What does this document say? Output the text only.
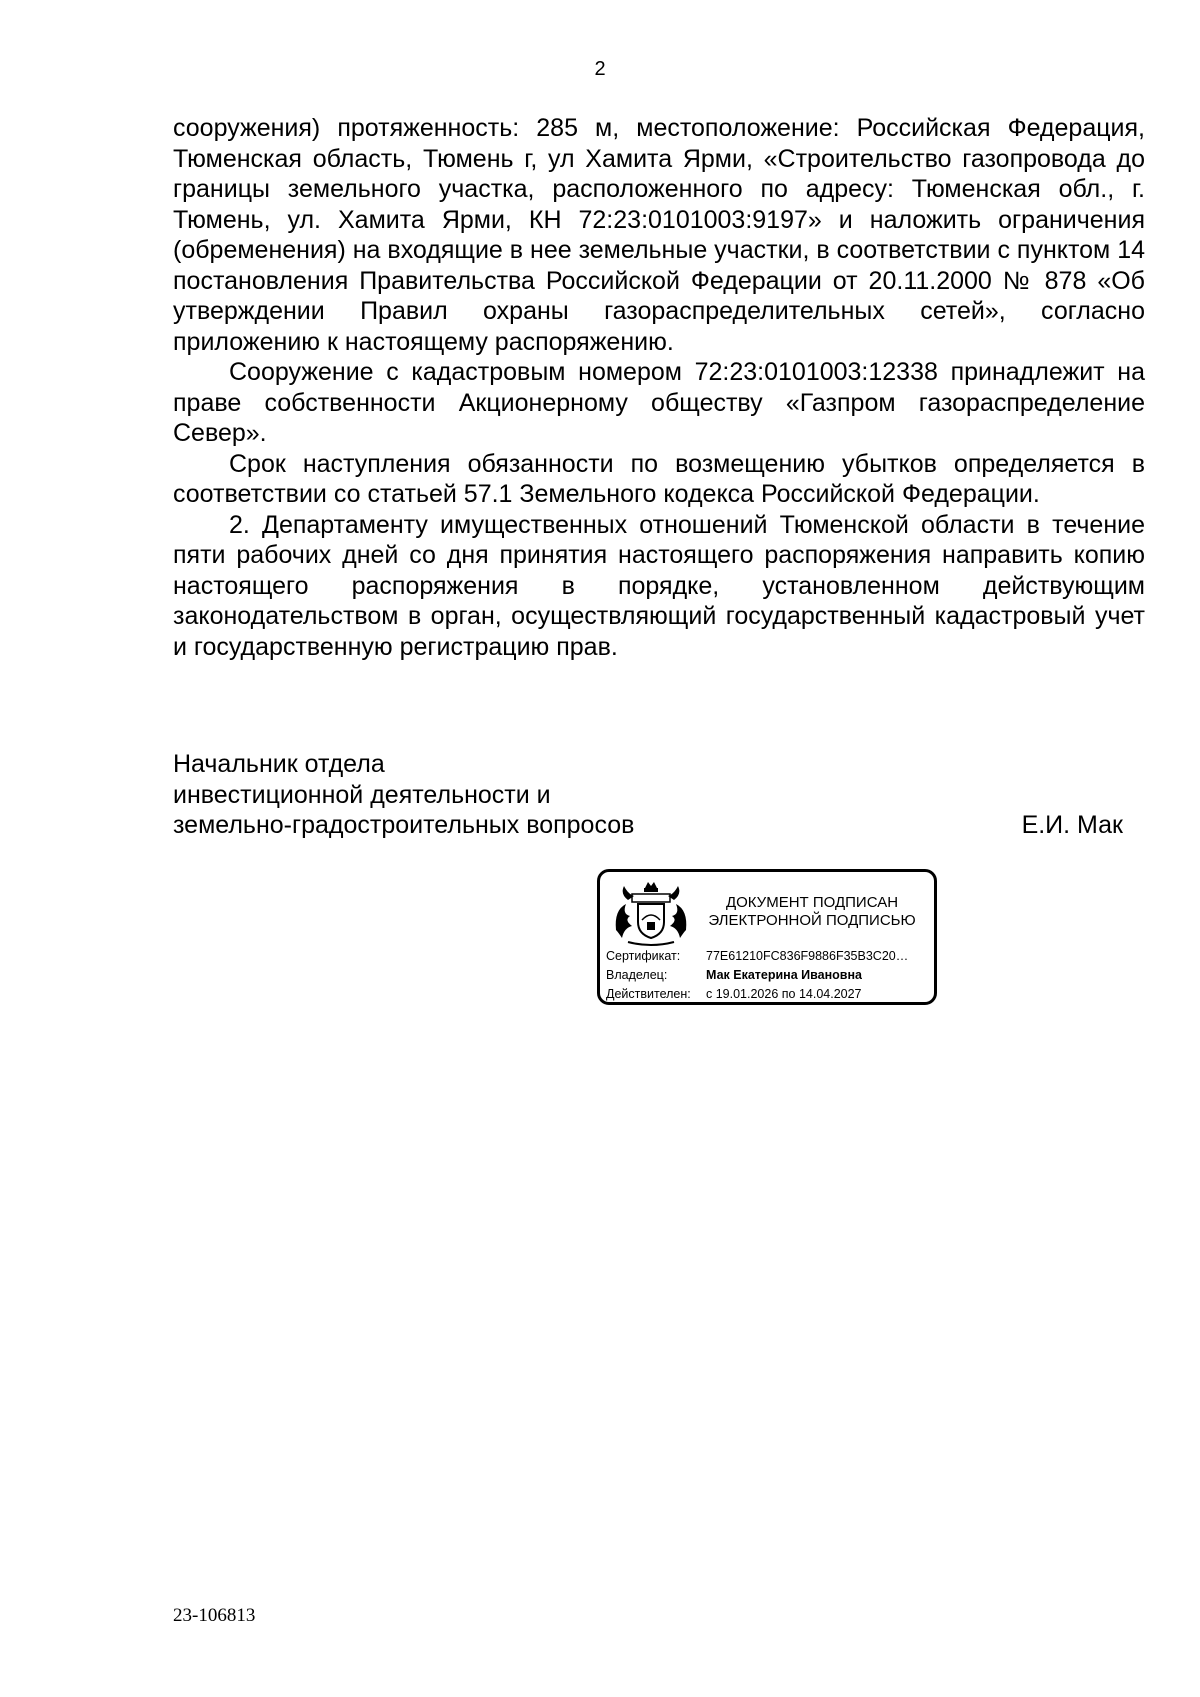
2

сооружения) протяженность: 285 м, местоположение: Российская Федерация, Тюменская область, Тюмень г, ул Хамита Ярми, «Строительство газопровода до границы земельного участка, расположенного по адресу: Тюменская обл., г. Тюмень, ул. Хамита Ярми, КН 72:23:0101003:9197» и наложить ограничения (обременения) на входящие в нее земельные участки, в соответствии с пунктом 14 постановления Правительства Российской Федерации от 20.11.2000 № 878 «Об утверждении Правил охраны газораспределительных сетей», согласно приложению к настоящему распоряжению.

Сооружение с кадастровым номером 72:23:0101003:12338 принадлежит на праве собственности Акционерному обществу «Газпром газораспределение Север».

Срок наступления обязанности по возмещению убытков определяется в соответствии со статьей 57.1 Земельного кодекса Российской Федерации.

2. Департаменту имущественных отношений Тюменской области в течение пяти рабочих дней со дня принятия настоящего распоряжения направить копию настоящего распоряжения в порядке, установленном действующим законодательством в орган, осуществляющий государственный кадастровый учет и государственную регистрацию прав.

Начальник отдела
инвестиционной деятельности и
земельно-градостроительных вопросов	Е.И. Мак
ДОКУМЕНТ ПОДПИСАН
ЭЛЕКТРОННОЙ ПОДПИСЬЮ
Сертификат:	77E61210FC836F9886F35B3C20…
Владелец:	Мак Екатерина Ивановна
Действителен:	с 19.01.2026 по 14.04.2027
23-106813
